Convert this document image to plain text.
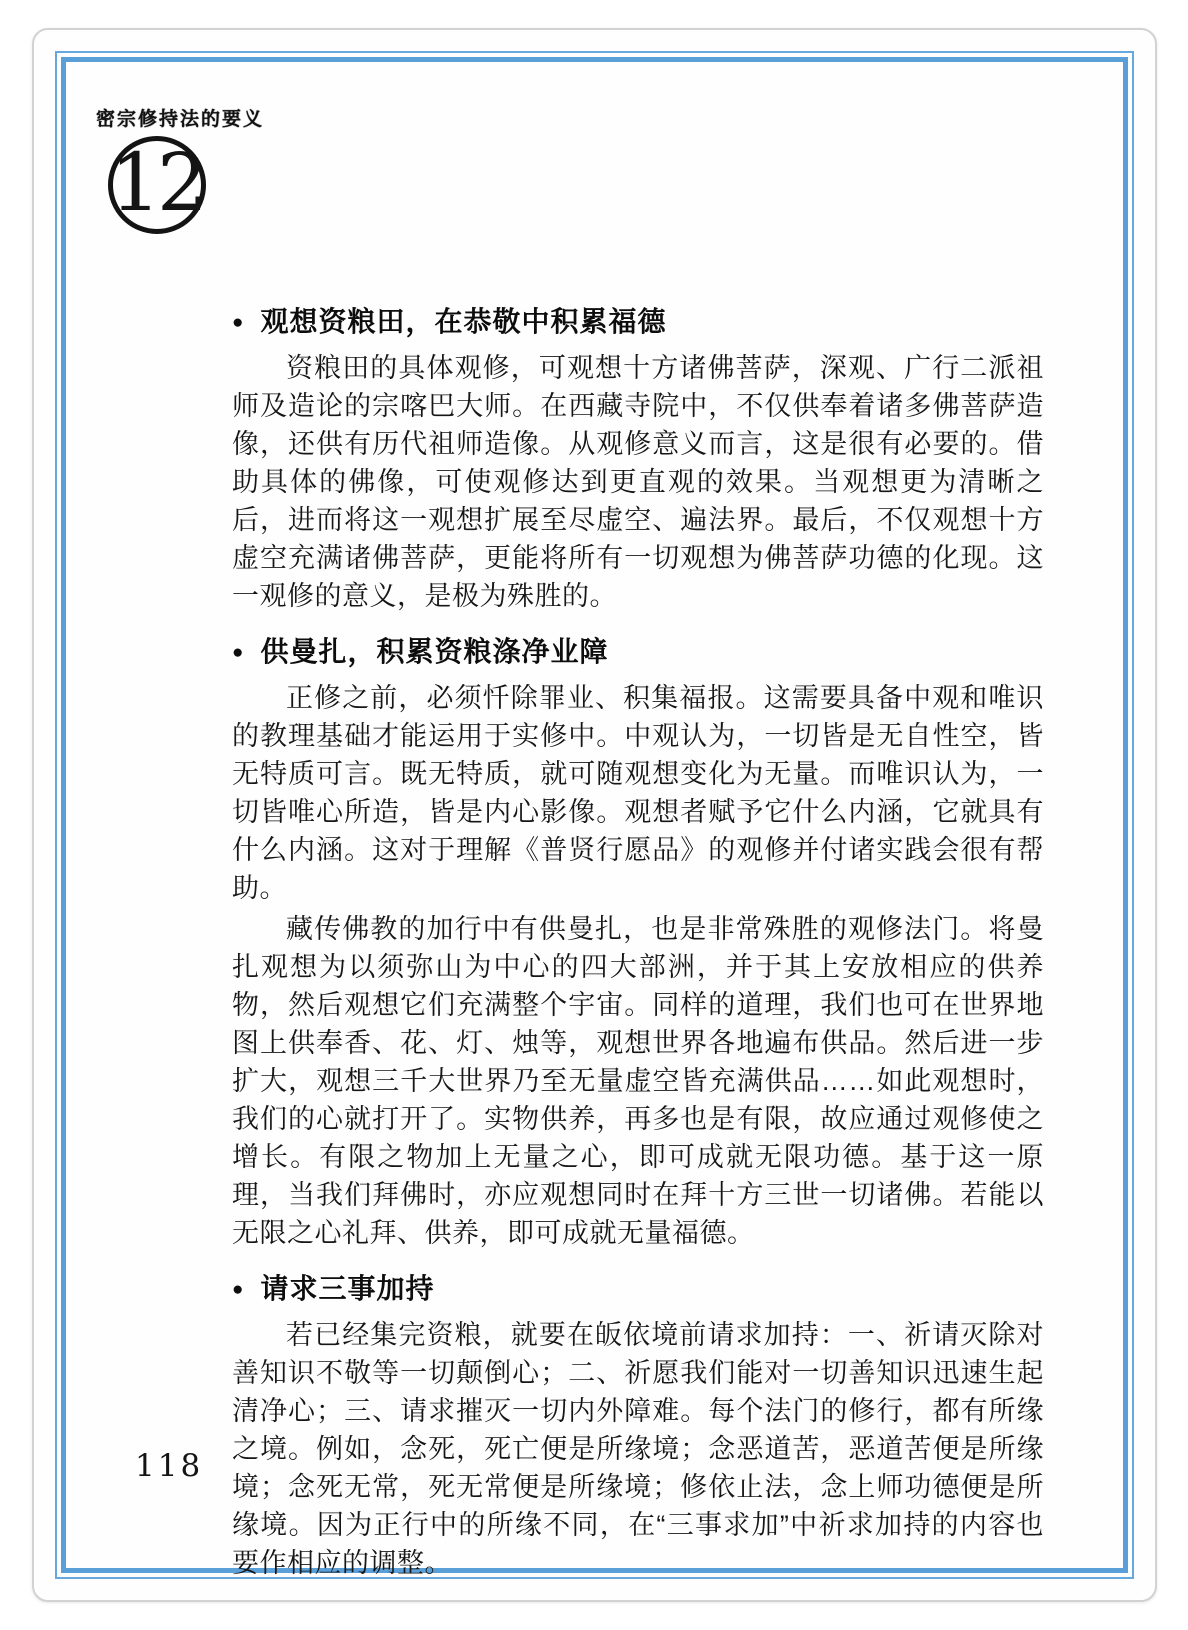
密宗修持法的要义
12
● 观想资粮田，在恭敬中积累福德

资粮田的具体观修，可观想十方诸佛菩萨，深观、广行二派祖师及造论的宗喀巴大师。在西藏寺院中，不仅供奉着诸多佛菩萨造像，还供有历代祖师造像。从观修意义而言，这是很有必要的。借助具体的佛像，可使观修达到更直观的效果。当观想更为清晰之后，进而将这一观想扩展至尽虚空、遍法界。最后，不仅观想十方虚空充满诸佛菩萨，更能将所有一切观想为佛菩萨功德的化现。这一观修的意义，是极为殊胜的。

● 供曼扎，积累资粮涤净业障

正修之前，必须忏除罪业、积集福报。这需要具备中观和唯识的教理基础才能运用于实修中。中观认为，一切皆是无自性空，皆无特质可言。既无特质，就可随观想变化为无量。而唯识认为，一切皆唯心所造，皆是内心影像。观想者赋予它什么内涵，它就具有什么内涵。这对于理解《普贤行愿品》的观修并付诸实践会很有帮助。

藏传佛教的加行中有供曼扎，也是非常殊胜的观修法门。将曼扎观想为以须弥山为中心的四大部洲，并于其上安放相应的供养物，然后观想它们充满整个宇宙。同样的道理，我们也可在世界地图上供奉香、花、灯、烛等，观想世界各地遍布供品。然后进一步扩大，观想三千大世界乃至无量虚空皆充满供品……如此观想时，我们的心就打开了。实物供养，再多也是有限，故应通过观修使之增长。有限之物加上无量之心，即可成就无限功德。基于这一原理，当我们拜佛时，亦应观想同时在拜十方三世一切诸佛。若能以无限之心礼拜、供养，即可成就无量福德。

● 请求三事加持

若已经集完资粮，就要在皈依境前请求加持：一、祈请灭除对善知识不敬等一切颠倒心；二、祈愿我们能对一切善知识迅速生起清净心；三、请求摧灭一切内外障难。每个法门的修行，都有所缘之境。例如，念死，死亡便是所缘境；念恶道苦，恶道苦便是所缘境；念死无常，死无常便是所缘境；修依止法，念上师功德便是所缘境。因为正行中的所缘不同，在“三事求加”中祈求加持的内容也要作相应的调整。

118
